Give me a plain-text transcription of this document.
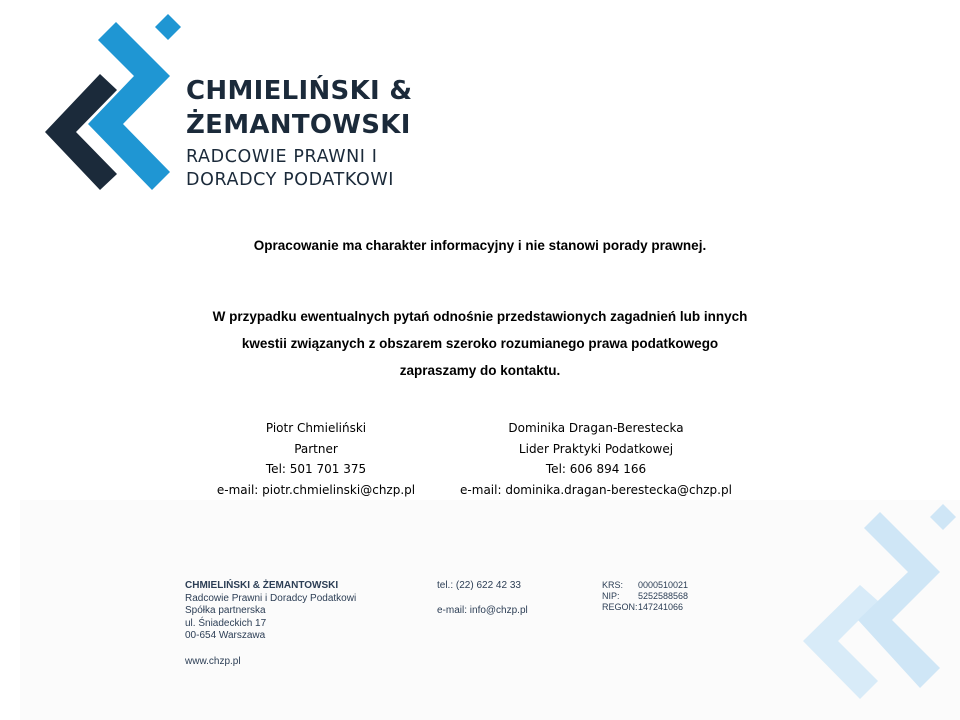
CHMIELIŃSKI &
ŻEMANTOWSKI
RADCOWIE PRAWNI I
DORADCY PODATKOWI
Opracowanie ma charakter informacyjny i nie stanowi porady prawnej.
W przypadku ewentualnych pytań odnośnie przedstawionych zagadnień lub innych
kwestii związanych z obszarem szeroko rozumianego prawa podatkowego
zapraszamy do kontaktu.
Piotr Chmieliński
Partner
Tel: 501 701 375
e-mail: piotr.chmielinski@chzp.pl
Dominika Dragan-Berestecka
Lider Praktyki Podatkowej
Tel: 606 894 166
e-mail: dominika.dragan-berestecka@chzp.pl
CHMIELIŃSKI & ŻEMANTOWSKI
Radcowie Prawni i Doradcy Podatkowi
Spółka partnerska
ul. Śniadeckich 17
00-654 Warszawa
www.chzp.pl
tel.: (22) 622 42 33
e-mail: info@chzp.pl
KRS:	0000510021
NIP:	5252588568
REGON: 147241066
